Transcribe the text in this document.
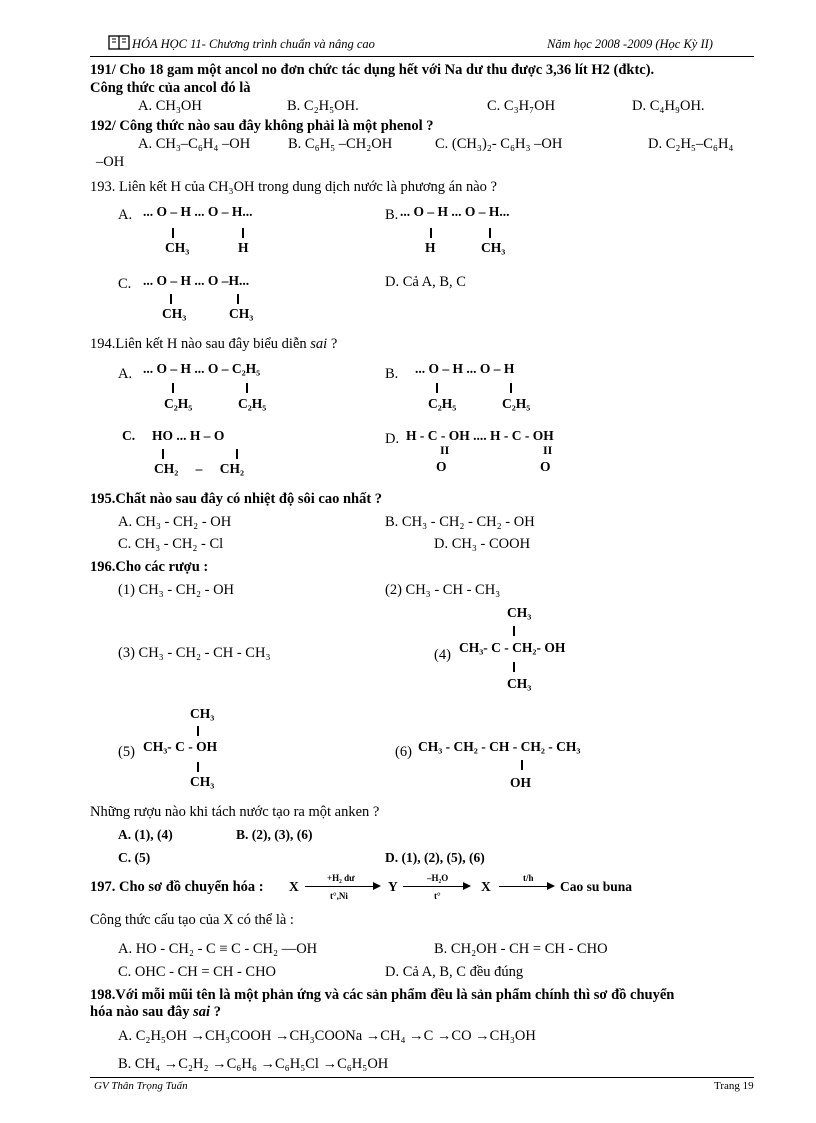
HÓA HỌC 11- Chương trình chuẩn và nâng cao	Năm học 2008 -2009 (Học Kỳ II)
191/ Cho 18 gam một ancol no đơn chức tác dụng hết với Na dư thu được 3,36 lít H2 (đktc).
Công thức của ancol đó là
A. CH₃OH	B. C₂H₅OH.	C. C₃H₇OH	D. C₄H₉OH.
192/ Công thức nào sau đây không phải là một phenol ?
A. CH₃–C₆H₄ –OH	B. C₆H₅ –CH₂OH	C. (CH₃)₂- C₆H₃ –OH	D. C₂H₅–C₆H₄
–OH
193. Liên kết H của CH₃OH trong dung dịch nước là phương án nào ?
A. ... O – H ... O – H...
CH₃	H
B. ... O – H ... O – H...
H	CH₃
C. ... O – H ... O –H...
CH₃	CH₃
D. Cả A, B, C
194.Liên kết H nào sau đây biểu diễn sai ?
A. ... O – H ... O – C₂H₅
C₂H₅	C₂H₅
B. ... O – H ... O – H
C₂H₅	C₂H₅
C. HO ... H – O
CH₂ – CH₂
D. H - C - OH .... H - C - OH
II	II
O	O
195.Chất nào sau đây có nhiệt độ sôi cao nhất ?
A. CH₃ - CH₂ - OH	B. CH₃ - CH₂ - CH₂ - OH
C. CH₃ - CH₂ - Cl	D. CH₃ - COOH
196.Cho các rượu :
(1) CH₃ - CH₂ - OH	(2) CH₃ - CH - CH₃
(3) CH₃ - CH₂ - CH - CH₃
CH₃
(4) CH₃- C - CH₂- OH
CH₃
CH₃
(5) CH₃- C - OH
CH₃
(6) CH₃ - CH₂ - CH - CH₂ - CH₃
OH
Những rượu nào khi tách nước tạo ra một anken ?
A. (1), (4)	B. (2), (3), (6)
C. (5)	D. (1), (2), (5), (6)
197. Cho sơ đồ chuyển hóa : X
+H₂ dư
t°,Ni
Y
–H₂O
t°
X
t/h
Cao su buna
Công thức cấu tạo của X có thể là :
A. HO - CH₂ - C ≡ C - CH₂ —OH	B. CH₂OH - CH = CH - CHO
C. OHC - CH = CH - CHO	D. Cả A, B, C đều đúng
198.Với mỗi mũi tên là một phản ứng và các sản phẩm đều là sản phẩm chính thì sơ đồ chuyển
hóa nào sau đây sai ?
A. C₂H₅OH →CH₃COOH →CH₃COONa →CH₄ →C →CO →CH₃OH
B. CH₄ →C₂H₂ →C₆H₆ →C₆H₅Cl →C₆H₅OH
GV Thân Trọng Tuấn	Trang 19
